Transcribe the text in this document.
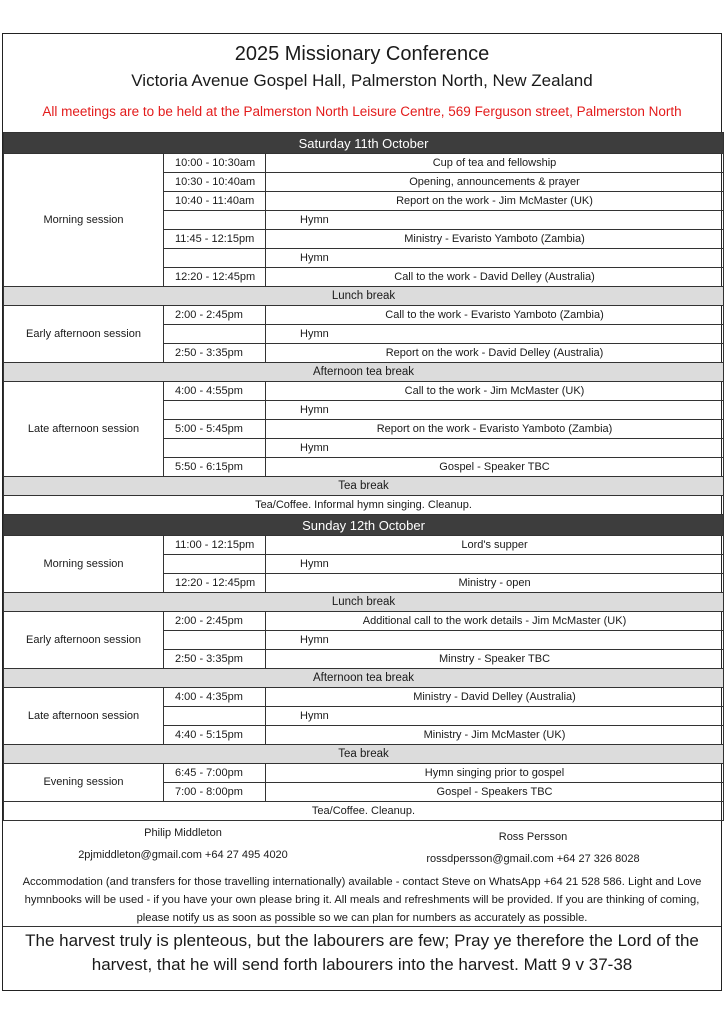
2025 Missionary Conference
Victoria Avenue Gospel Hall, Palmerston North, New Zealand
All meetings are to be held at the Palmerston North Leisure Centre, 569 Ferguson street, Palmerston North
Saturday 11th October		
Morning session	10:00 - 10:30am	Cup of tea and fellowship
	10:30 - 10:40am	Opening, announcements & prayer
	10:40 - 11:40am	Report on the work - Jim McMaster (UK)
		Hymn
	11:45 - 12:15pm	Ministry - Evaristo Yamboto (Zambia)
		Hymn
	12:20 - 12:45pm	Call to the work - David Delley (Australia)
Lunch break		
Early afternoon session	2:00 - 2:45pm	Call to the work - Evaristo Yamboto (Zambia)
		Hymn
	2:50 - 3:35pm	Report on the work - David Delley (Australia)
Afternoon tea break		
Late afternoon session	4:00 - 4:55pm	Call to the work - Jim McMaster (UK)
		Hymn
	5:00 - 5:45pm	Report on the work - Evaristo Yamboto (Zambia)
		Hymn
	5:50 - 6:15pm	Gospel - Speaker TBC
Tea break		
Tea/Coffee. Informal hymn singing. Cleanup.		
Sunday 12th October		
Morning session	11:00 - 12:15pm	Lord's supper
		Hymn
	12:20 - 12:45pm	Ministry - open
Lunch break		
Early afternoon session	2:00 - 2:45pm	Additional call to the work details - Jim McMaster (UK)
		Hymn
	2:50 - 3:35pm	Minstry - Speaker TBC
Afternoon tea break		
Late afternoon session	4:00 - 4:35pm	Ministry - David Delley (Australia)
		Hymn
	4:40 - 5:15pm	Ministry - Jim McMaster (UK)
Tea break		
Evening session	6:45 - 7:00pm	Hymn singing prior to gospel
	7:00 - 8:00pm	Gospel - Speakers TBC
Tea/Coffee. Cleanup.		
Philip Middleton
2pjmiddleton@gmail.com +64 27 495 4020
Ross Persson
rossdpersson@gmail.com +64 27 326 8028
Accommodation (and transfers for those travelling internationally) available - contact Steve on WhatsApp +64 21 528 586. Light and Love hymnbooks will be used - if you have your own please bring it. All meals and refreshments will be provided. If you are thinking of coming, please notify us as soon as possible so we can plan for numbers as accurately as possible.
The harvest truly is plenteous, but the labourers are few; Pray ye therefore the Lord of the harvest, that he will send forth labourers into the harvest. Matt 9 v 37-38
